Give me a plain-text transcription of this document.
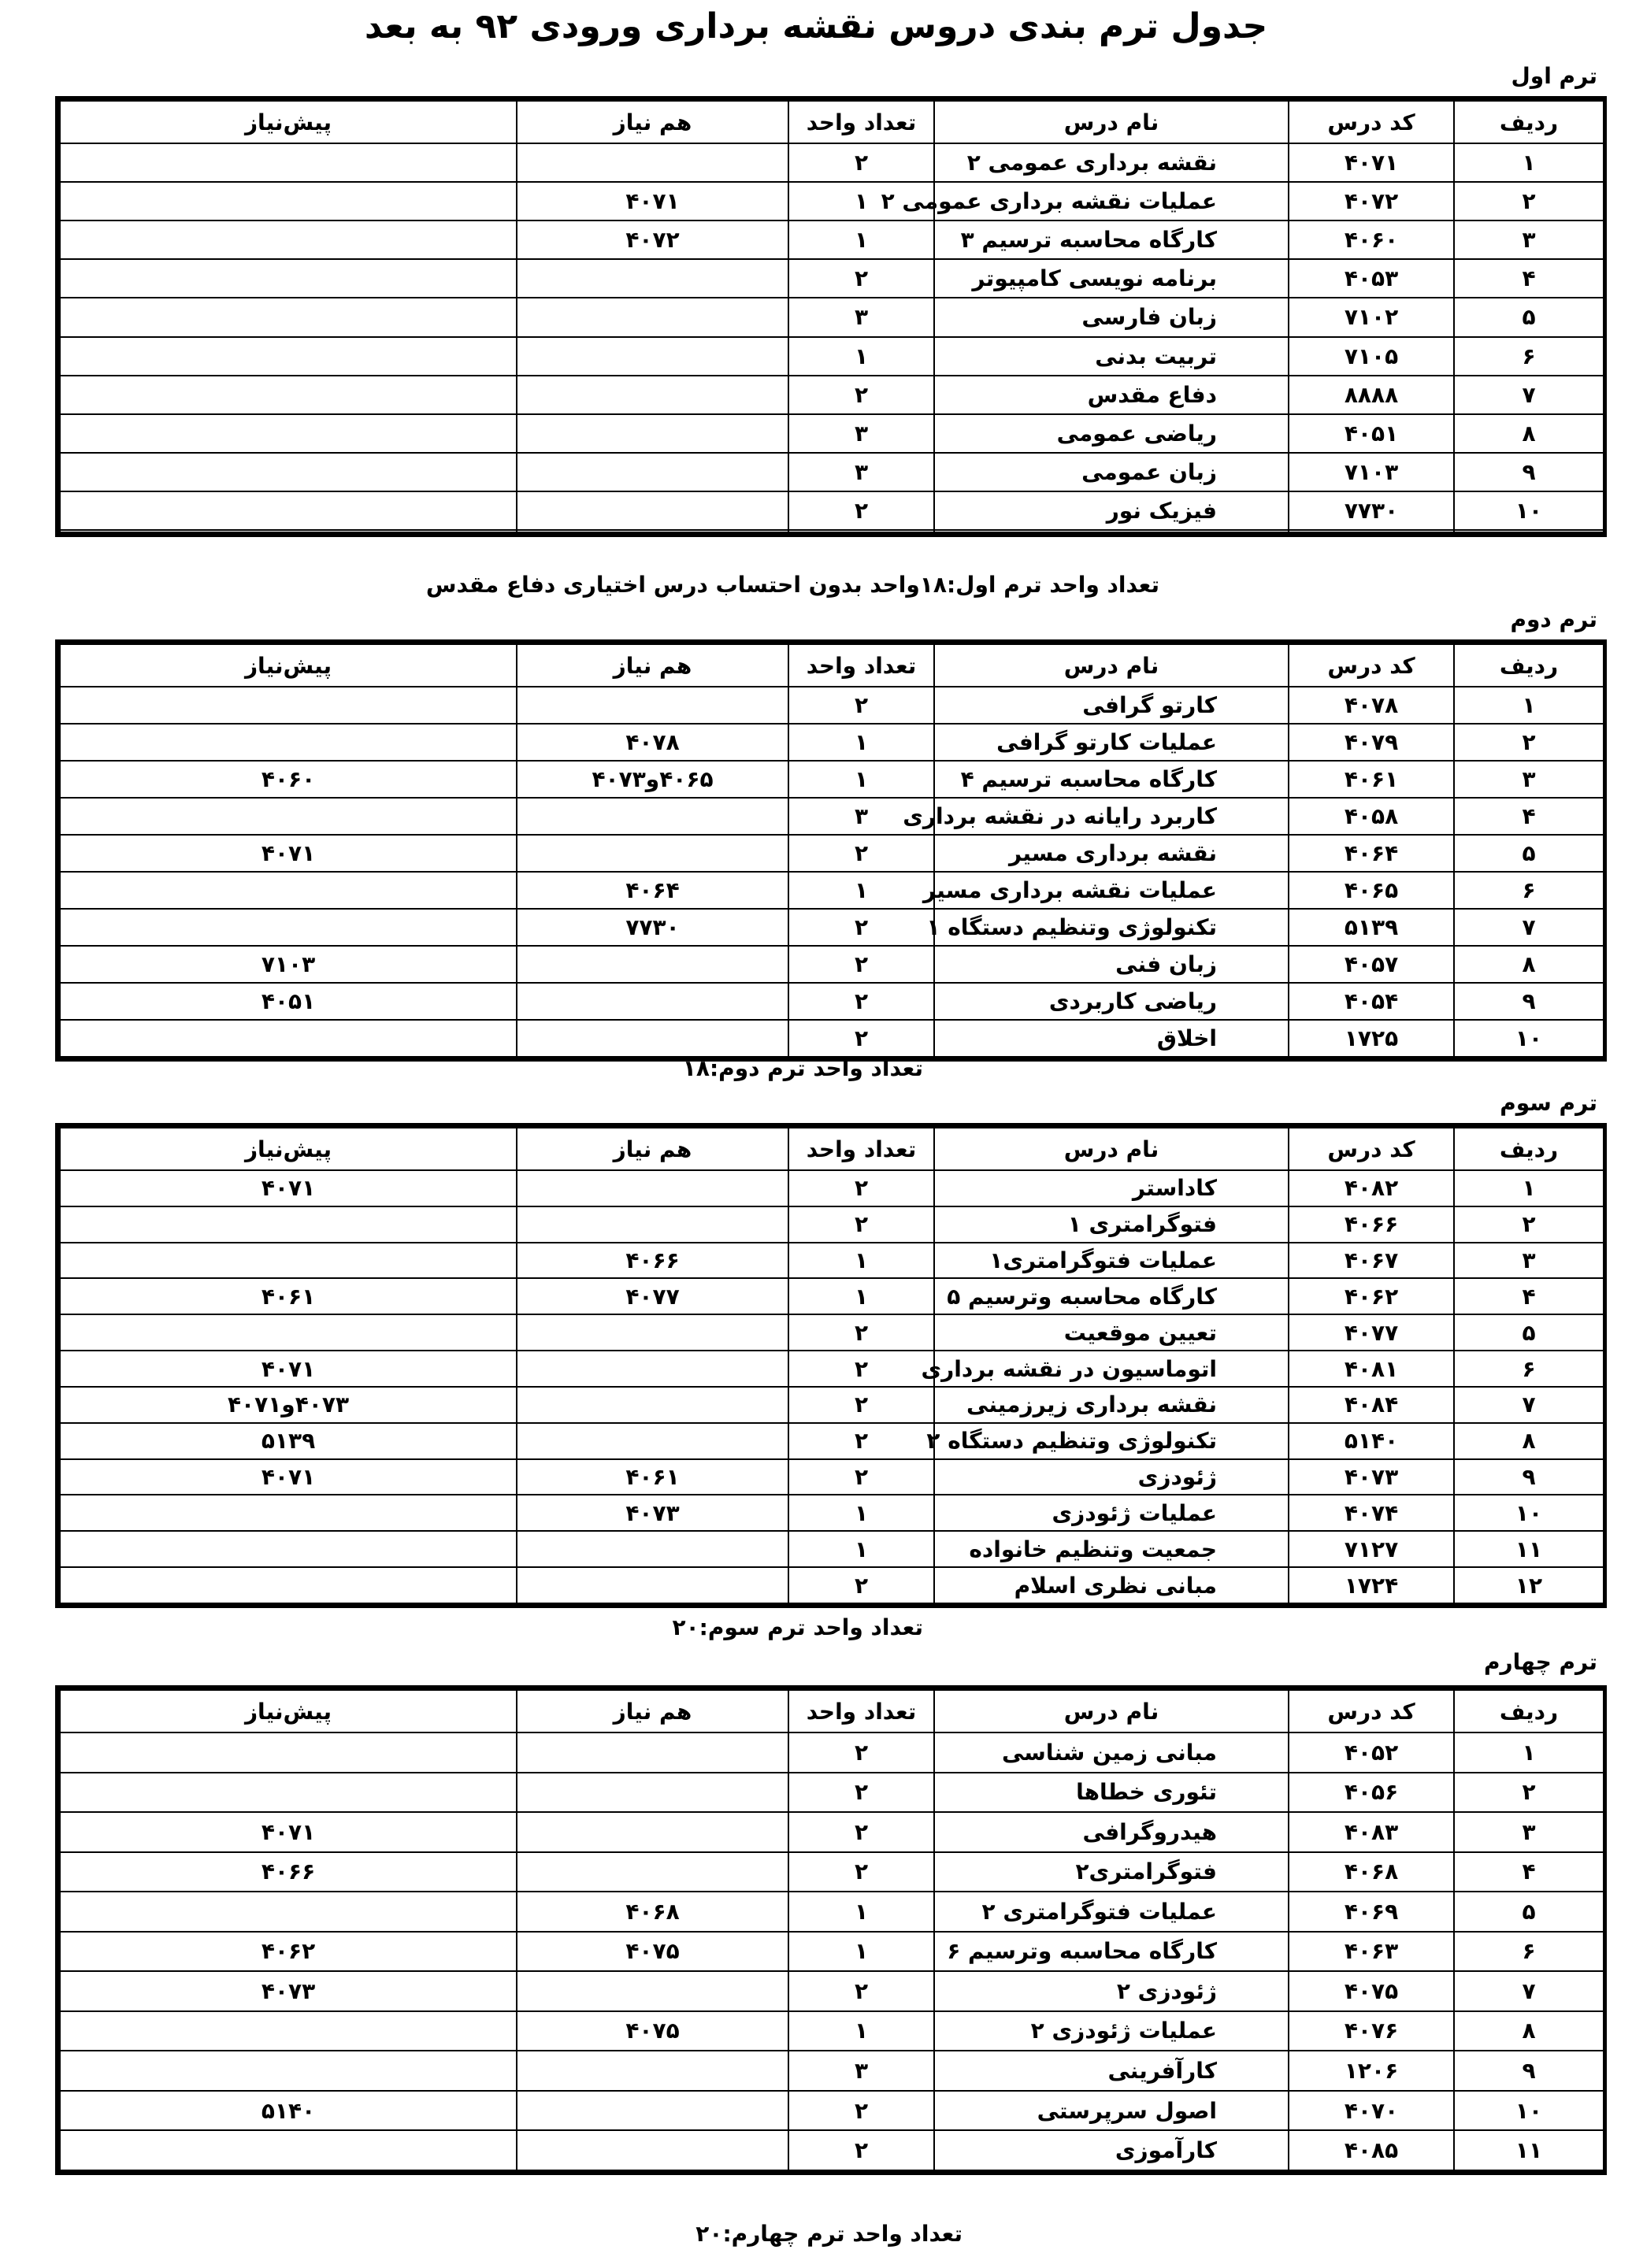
جدول ترم بندی دروس نقشه برداری ورودی ۹۲ به بعد
ترم اول
ردیف	کد درس	نام درس	تعداد واحد	هم نیاز	پیش‌نیاز
۱	۴۰۷۱	نقشه برداری عمومی ۲	۲		
۲	۴۰۷۲	عملیات نقشه برداری عمومی ۲	۱	۴۰۷۱	
۳	۴۰۶۰	کارگاه محاسبه ترسیم ۳	۱	۴۰۷۲	
۴	۴۰۵۳	برنامه نویسی کامپیوتر	۲		
۵	۷۱۰۲	زبان فارسی	۳		
۶	۷۱۰۵	تربیت بدنی	۱		
۷	۸۸۸۸	دفاع مقدس	۲		
۸	۴۰۵۱	ریاضی عمومی	۳		
۹	۷۱۰۳	زبان عمومی	۳		
۱۰	۷۷۳۰	فیزیک نور	۲		

تعداد واحد ترم اول:۱۸واحد بدون احتساب درس اختیاری دفاع مقدس
ترم دوم
ردیف	کد درس	نام درس	تعداد واحد	هم نیاز	پیش‌نیاز
۱	۴۰۷۸	کارتو گرافی	۲		
۲	۴۰۷۹	عملیات کارتو گرافی	۱	۴۰۷۸	
۳	۴۰۶۱	کارگاه محاسبه ترسیم ۴	۱	۴۰۶۵و۴۰۷۳	۴۰۶۰
۴	۴۰۵۸	کاربرد رایانه در نقشه برداری	۳		
۵	۴۰۶۴	نقشه برداری مسیر	۲		۴۰۷۱
۶	۴۰۶۵	عملیات نقشه برداری مسیر	۱	۴۰۶۴	
۷	۵۱۳۹	تکنولوژی وتنظیم دستگاه ۱	۲	۷۷۳۰	
۸	۴۰۵۷	زبان فنی	۲		۷۱۰۳
۹	۴۰۵۴	ریاضی کاربردی	۲		۴۰۵۱
۱۰	۱۷۲۵	اخلاق	۲		
تعداد واحد ترم دوم:۱۸
ترم سوم
ردیف	کد درس	نام درس	تعداد واحد	هم نیاز	پیش‌نیاز
۱	۴۰۸۲	کاداستر	۲		۴۰۷۱
۲	۴۰۶۶	فتوگرامتری ۱	۲		
۳	۴۰۶۷	عملیات فتوگرامتری۱	۱	۴۰۶۶	
۴	۴۰۶۲	کارگاه محاسبه وترسیم ۵	۱	۴۰۷۷	۴۰۶۱
۵	۴۰۷۷	تعیین موقعیت	۲		
۶	۴۰۸۱	اتوماسیون در نقشه برداری	۲		۴۰۷۱
۷	۴۰۸۴	نقشه برداری زیرزمینی	۲		۴۰۷۳و۴۰۷۱
۸	۵۱۴۰	تکنولوژی وتنظیم دستگاه ۲	۲		۵۱۳۹
۹	۴۰۷۳	ژئودزی	۲	۴۰۶۱	۴۰۷۱
۱۰	۴۰۷۴	عملیات ژئودزی	۱	۴۰۷۳	
۱۱	۷۱۲۷	جمعیت وتنظیم خانواده	۱		
۱۲	۱۷۲۴	مبانی نظری اسلام	۲		
تعداد واحد ترم سوم:۲۰
ترم چهارم
ردیف	کد درس	نام درس	تعداد واحد	هم نیاز	پیش‌نیاز
۱	۴۰۵۲	مبانی زمین شناسی	۲		
۲	۴۰۵۶	تئوری خطاها	۲		
۳	۴۰۸۳	هیدروگرافی	۲		۴۰۷۱
۴	۴۰۶۸	فتوگرامتری۲	۲		۴۰۶۶
۵	۴۰۶۹	عملیات فتوگرامتری ۲	۱	۴۰۶۸	
۶	۴۰۶۳	کارگاه محاسبه وترسیم ۶	۱	۴۰۷۵	۴۰۶۲
۷	۴۰۷۵	ژئودزی ۲	۲		۴۰۷۳
۸	۴۰۷۶	عملیات ژئودزی ۲	۱	۴۰۷۵	
۹	۱۲۰۶	کارآفرینی	۳		
۱۰	۴۰۷۰	اصول سرپرستی	۲		۵۱۴۰
۱۱	۴۰۸۵	کارآموزی	۲		
تعداد واحد ترم چهارم:۲۰
